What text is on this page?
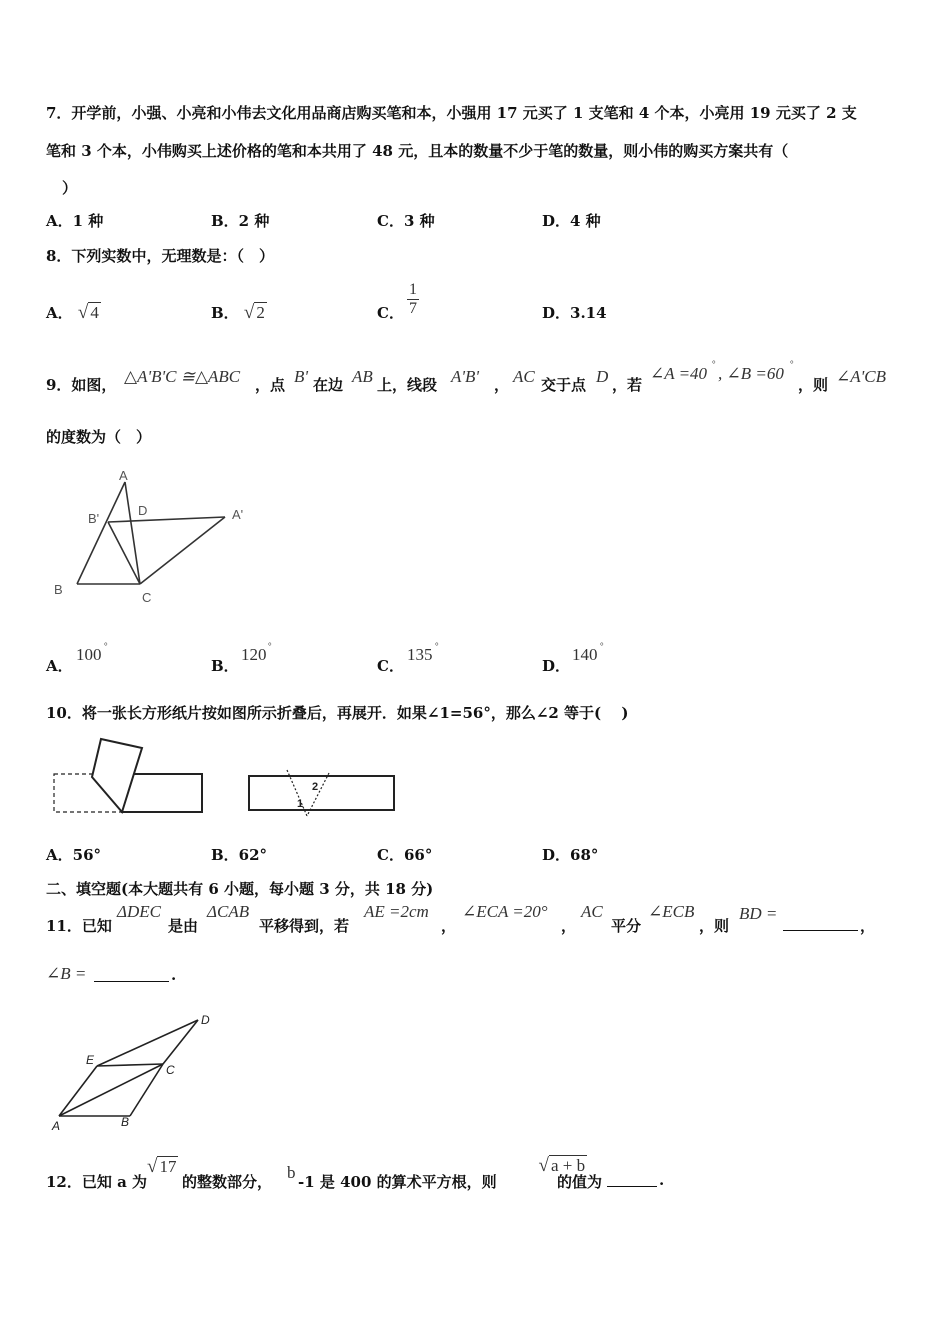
7．开学前，小强、小亮和小伟去文化用品商店购买笔和本，小强用 17 元买了 1 支笔和 4 个本，小亮用 19 元买了 2 支
笔和 3 个本，小伟购买上述价格的笔和本共用了 48 元，且本的数量不少于笔的数量，则小伟的购买方案共有（
）
A．1 种	B．2 种	C．3 种	D．4 种
8．下列实数中，无理数是：（　）
A． √ 4	B． √ 2	C． $\frac{1}{7}$	D．3.14
9．如图， △A'B'C ≅△ABC ，点 B' 在边 AB 上，线段 A'B' ， AC 交于点 D ，若
∠A =40 ° , ∠B =60 °
，则 ∠A'CB
的度数为（　）
A
B'
D	A'
B
C
A．
100 °
B．
120 °
C．
135 °
D．
140 °
10．将一张长方形纸片按如图所示折叠后，再展开．如果∠1=56°，那么∠2 等于(　 )
2
1
A．56°	B．62°	C．66°	D．68°
二、填空题(本大题共有 6 小题，每小题 3 分，共 18 分)
11．已知
ΔDEC
是由
ΔCAB
平移得到，若
AE =2cm
，
∠ECA =20°
，
AC
平分
∠ECB
，则
BD =
，
∠B =	.
D
E
C
A	B
12．已知 a 为
√ 17
的整数部分， b -1 是 400 的算术平方根，则
√ a + b
的值为	.
